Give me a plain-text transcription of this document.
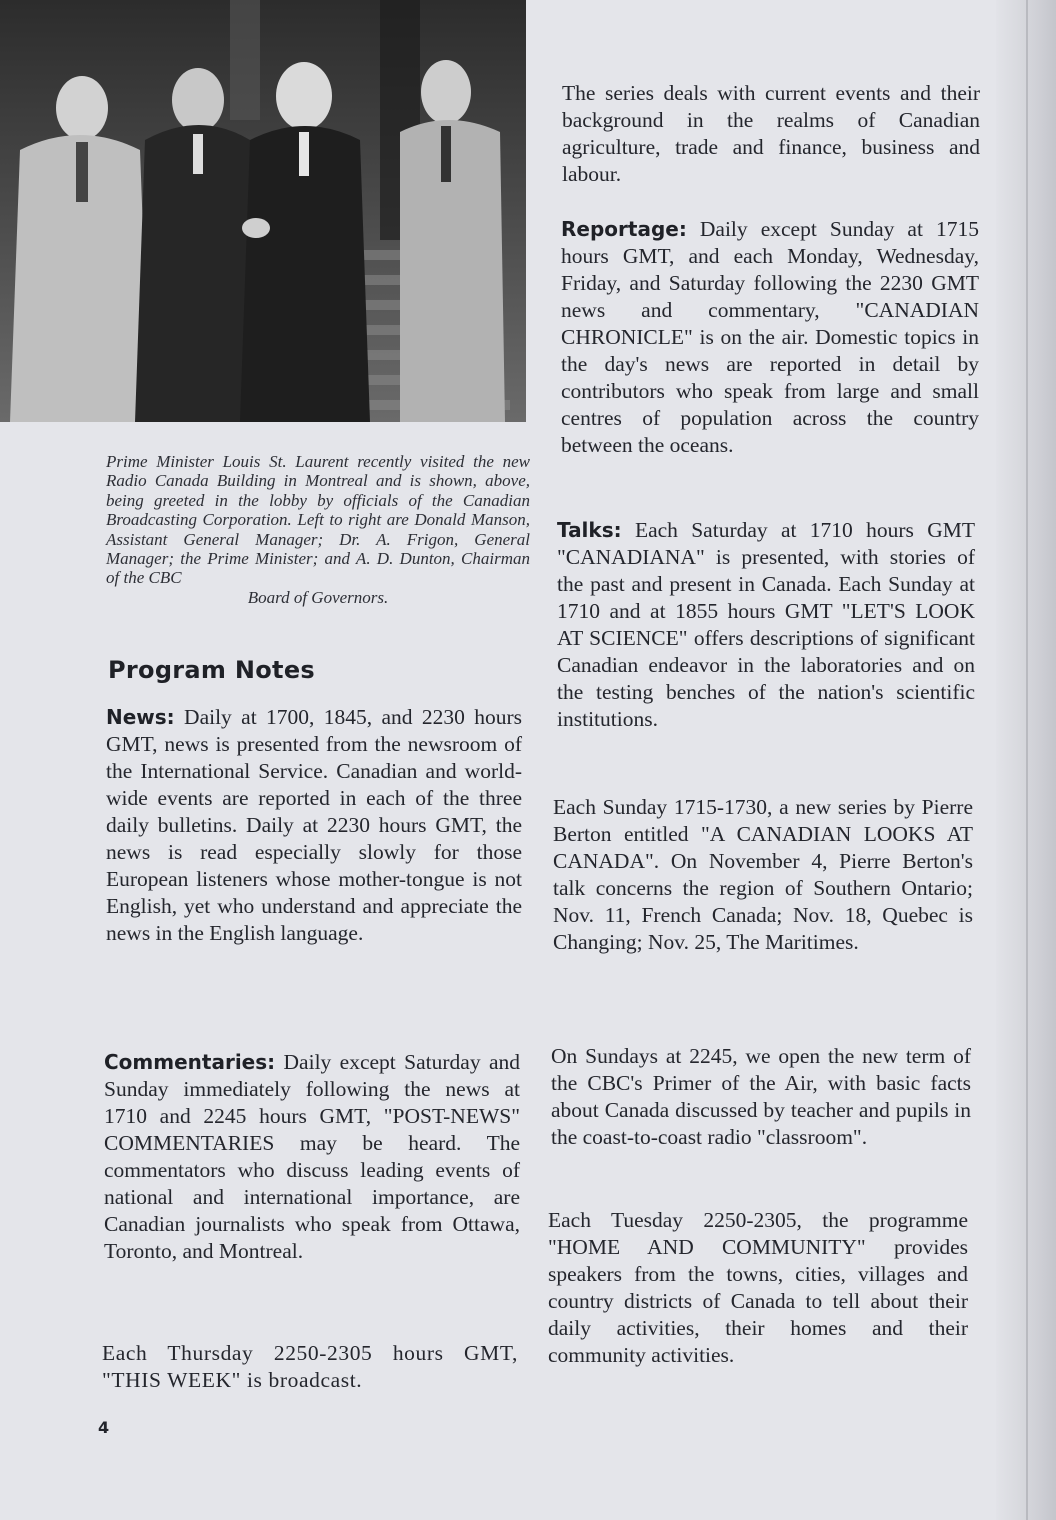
Prime Minister Louis St. Laurent recently visited the new Radio Canada Building in Montreal and is shown, above, being greeted in the lobby by officials of the Canadian Broadcasting Corporation. Left to right are Donald Manson, Assistant General Manager; Dr. A. Frigon, General Manager; the Prime Minister; and A. D. Dunton, Chairman of the CBC
Board of Governors.
Program Notes

News: Daily at 1700, 1845, and 2230 hours GMT, news is presented from the newsroom of the International Service. Canadian and world-wide events are reported in each of the three daily bulletins. Daily at 2230 hours GMT, the news is read especially slowly for those European listeners whose mother-tongue is not English, yet who understand and appreciate the news in the English language.

Commentaries: Daily except Saturday and Sunday immediately following the news at 1710 and 2245 hours GMT, "POST-NEWS" COMMENTARIES may be heard. The commentators who discuss leading events of national and international importance, are Canadian journalists who speak from Ottawa, Toronto, and Montreal.

Each Thursday 2250-2305 hours GMT, "THIS WEEK" is broadcast.

The series deals with current events and their background in the realms of Canadian agriculture, trade and finance, business and labour.

Reportage: Daily except Sunday at 1715 hours GMT, and each Monday, Wednesday, Friday, and Saturday following the 2230 GMT news and commentary, "CANADIAN CHRONICLE" is on the air. Domestic topics in the day's news are reported in detail by contributors who speak from large and small centres of population across the country between the oceans.

Talks: Each Saturday at 1710 hours GMT "CANADIANA" is presented, with stories of the past and present in Canada. Each Sunday at 1710 and at 1855 hours GMT "LET'S LOOK AT SCIENCE" offers descriptions of significant Canadian endeavor in the laboratories and on the testing benches of the nation's scientific institutions.

Each Sunday 1715-1730, a new series by Pierre Berton entitled "A CANADIAN LOOKS AT CANADA". On November 4, Pierre Berton's talk concerns the region of Southern Ontario; Nov. 11, French Canada; Nov. 18, Quebec is Changing; Nov. 25, The Maritimes.

On Sundays at 2245, we open the new term of the CBC's Primer of the Air, with basic facts about Canada discussed by teacher and pupils in the coast-to-coast radio "classroom".

Each Tuesday 2250-2305, the programme "HOME AND COMMUNITY" provides speakers from the towns, cities, villages and country districts of Canada to tell about their daily activities, their homes and their community activities.

4
